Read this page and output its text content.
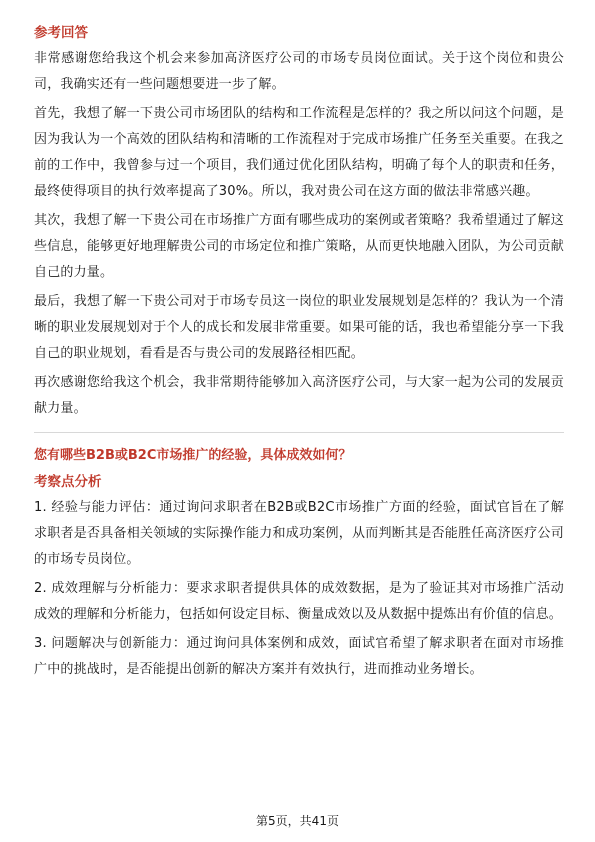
参考回答

非常感谢您给我这个机会来参加高济医疗公司的市场专员岗位面试。关于这个岗位和贵公司，我确实还有一些问题想要进一步了解。

首先，我想了解一下贵公司市场团队的结构和工作流程是怎样的？我之所以问这个问题，是因为我认为一个高效的团队结构和清晰的工作流程对于完成市场推广任务至关重要。在我之前的工作中，我曾参与过一个项目，我们通过优化团队结构，明确了每个人的职责和任务，最终使得项目的执行效率提高了30%。所以，我对贵公司在这方面的做法非常感兴趣。

其次，我想了解一下贵公司在市场推广方面有哪些成功的案例或者策略？我希望通过了解这些信息，能够更好地理解贵公司的市场定位和推广策略，从而更快地融入团队，为公司贡献自己的力量。

最后，我想了解一下贵公司对于市场专员这一岗位的职业发展规划是怎样的？我认为一个清晰的职业发展规划对于个人的成长和发展非常重要。如果可能的话，我也希望能分享一下我自己的职业规划，看看是否与贵公司的发展路径相匹配。

再次感谢您给我这个机会，我非常期待能够加入高济医疗公司，与大家一起为公司的发展贡献力量。

您有哪些B2B或B2C市场推广的经验，具体成效如何？
考察点分析

1. 经验与能力评估：通过询问求职者在B2B或B2C市场推广方面的经验，面试官旨在了解求职者是否具备相关领域的实际操作能力和成功案例，从而判断其是否能胜任高济医疗公司的市场专员岗位。

2. 成效理解与分析能力：要求求职者提供具体的成效数据，是为了验证其对市场推广活动成效的理解和分析能力，包括如何设定目标、衡量成效以及从数据中提炼出有价值的信息。

3. 问题解决与创新能力：通过询问具体案例和成效，面试官希望了解求职者在面对市场推广中的挑战时，是否能提出创新的解决方案并有效执行，进而推动业务增长。

第5页，共41页
